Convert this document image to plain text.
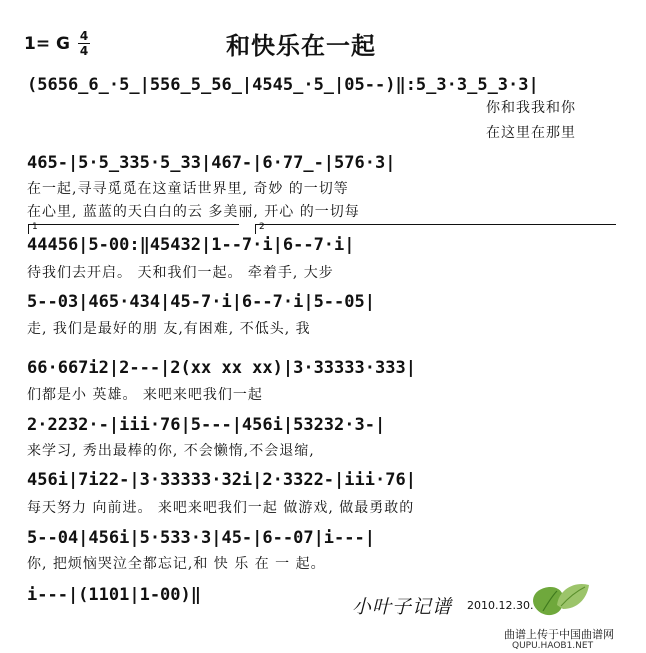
1= G 4
4	和快乐在一起
(5656̲6̲·5̲|556̲5̲56̲|4545̲·5̲|05--)‖:5̲3·3̲5̲3·3|
你和我我和你
在这里在那里
465-|5·5̲335·5̲33|467-|6·77̲-|576·3|
在一起,寻寻觅觅在这童话世界里, 奇妙 的一切等
在心里, 蓝蓝的天白白的云 多美丽, 开心 的一切每
1	2
44456|5-00:‖45432|1--7·i|6--7·i|
待我们去开启。 天和我们一起。 牵着手, 大步
5--03|465·434|45-7·i|6--7·i|5--05|
走, 我们是最好的朋 友,有困难, 不低头, 我
66·667i2|2---|2(xx xx xx)|3·33333·333|
们都是小 英雄。 来吧来吧我们一起
2·2232·-|iii·76|5---|456i|53232·3-|
来学习, 秀出最棒的你, 不会懒惰,不会退缩,
456i|7i22-|3·33333·32i|2·3322-|iii·76|
每天努力 向前进。 来吧来吧我们一起 做游戏, 做最勇敢的
5--04|456i|5·533·3|45-|6--07|i---|
你, 把烦恼哭泣全都忘记,和 快 乐 在 一 起。
i---|(1101|1-00)‖
小叶子记谱 2010.12.30.
曲谱上传于中国曲谱网
QUPU.HAOB1.NET
